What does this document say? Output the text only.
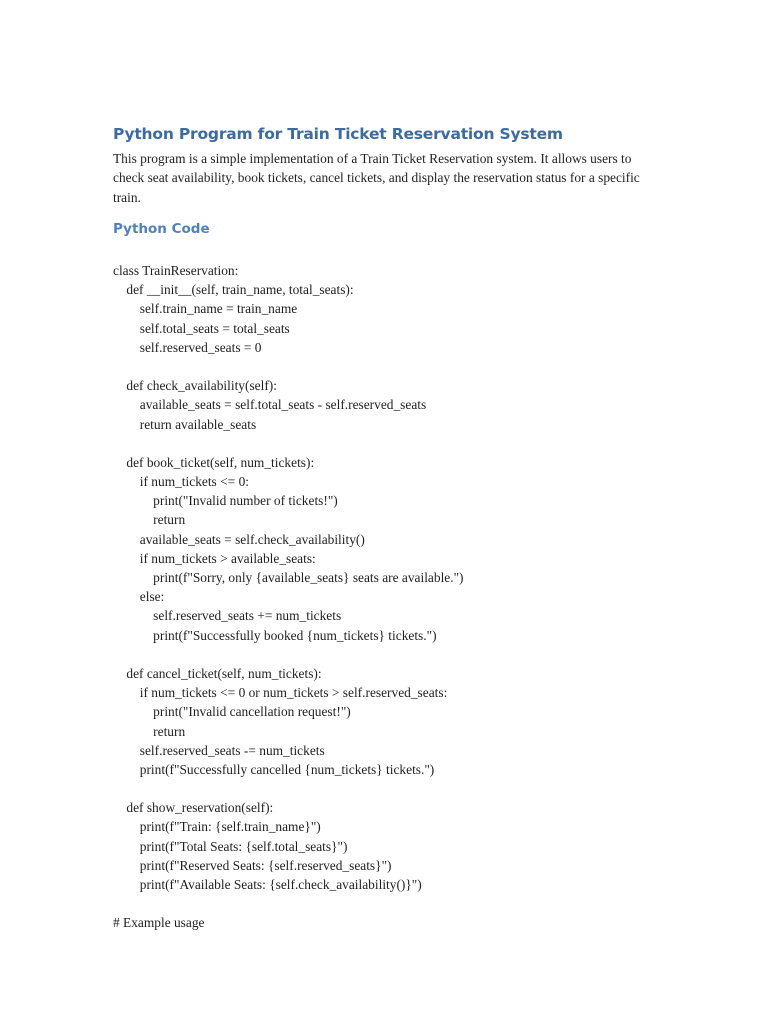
Python Program for Train Ticket Reservation System

This program is a simple implementation of a Train Ticket Reservation system. It allows users to check seat availability, book tickets, cancel tickets, and display the reservation status for a specific train.

Python Code
class TrainReservation:
def __init__(self, train_name, total_seats):
self.train_name = train_name
self.total_seats = total_seats
self.reserved_seats = 0
def check_availability(self):
available_seats = self.total_seats - self.reserved_seats
return available_seats
def book_ticket(self, num_tickets):
if num_tickets <= 0:
print("Invalid number of tickets!")
return
available_seats = self.check_availability()
if num_tickets > available_seats:
print(f"Sorry, only {available_seats} seats are available.")
else:
self.reserved_seats += num_tickets
print(f"Successfully booked {num_tickets} tickets.")
def cancel_ticket(self, num_tickets):
if num_tickets <= 0 or num_tickets > self.reserved_seats:
print("Invalid cancellation request!")
return
self.reserved_seats -= num_tickets
print(f"Successfully cancelled {num_tickets} tickets.")
def show_reservation(self):
print(f"Train: {self.train_name}")
print(f"Total Seats: {self.total_seats}")
print(f"Reserved Seats: {self.reserved_seats}")
print(f"Available Seats: {self.check_availability()}")
# Example usage
